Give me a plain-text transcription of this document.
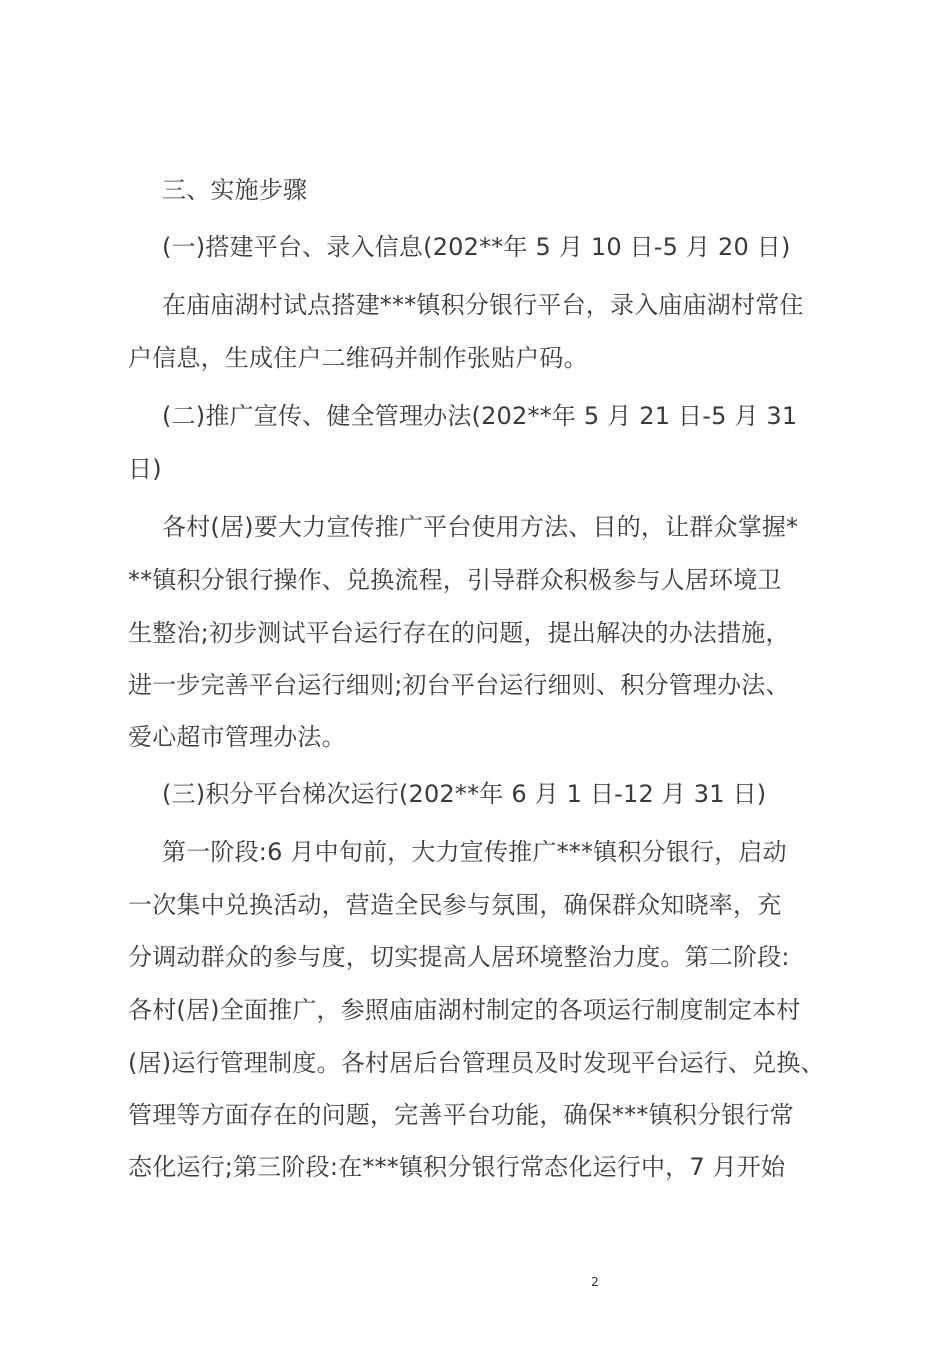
三、实施步骤
(一)搭建平台、录入信息(202**年 5 月 10 日-5 月 20 日)
在庙庙湖村试点搭建***镇积分银行平台，录入庙庙湖村常住
户信息，生成住户二维码并制作张贴户码。
(二)推广宣传、健全管理办法(202**年 5 月 21 日-5 月 31
日)
各村(居)要大力宣传推广平台使用方法、目的，让群众掌握*
**镇积分银行操作、兑换流程，引导群众积极参与人居环境卫
生整治;初步测试平台运行存在的问题，提出解决的办法措施，
进一步完善平台运行细则;初台平台运行细则、积分管理办法、
爱心超市管理办法。
(三)积分平台梯次运行(202**年 6 月 1 日-12 月 31 日)
第一阶段:6 月中旬前，大力宣传推广***镇积分银行，启动
一次集中兑换活动，营造全民参与氛围，确保群众知晓率，充
分调动群众的参与度，切实提高人居环境整治力度。第二阶段:
各村(居)全面推广，参照庙庙湖村制定的各项运行制度制定本村
(居)运行管理制度。各村居后台管理员及时发现平台运行、兑换、
管理等方面存在的问题，完善平台功能，确保***镇积分银行常
态化运行;第三阶段:在***镇积分银行常态化运行中，7 月开始
2
